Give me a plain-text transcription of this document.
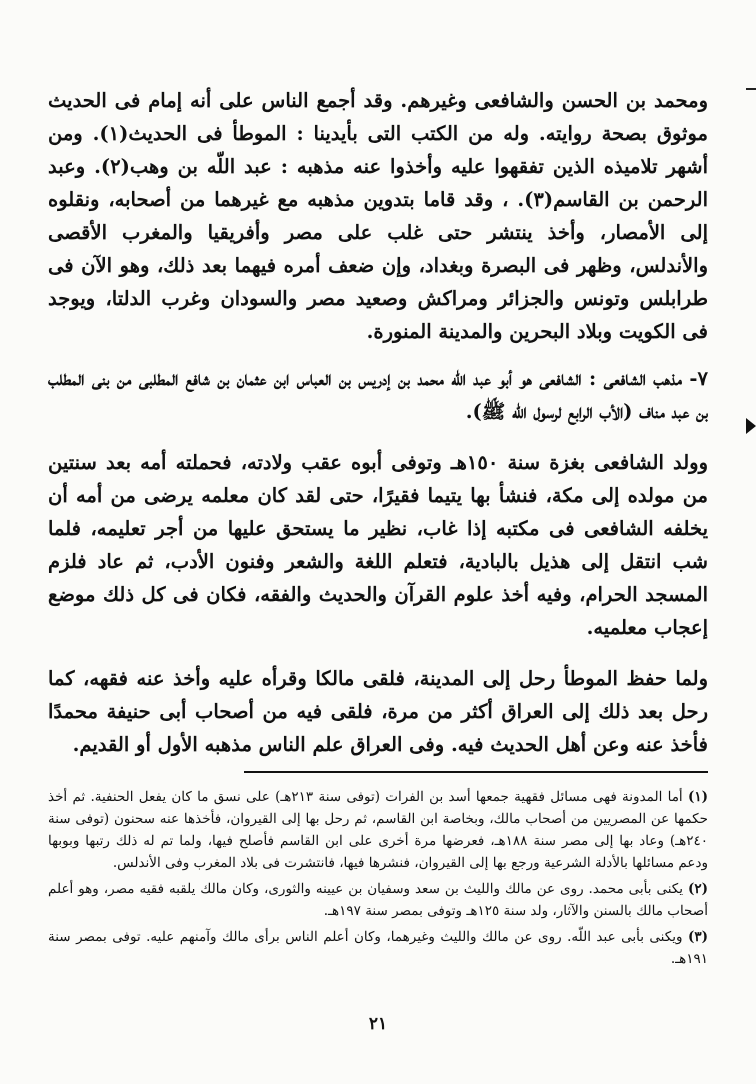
ومحمد بن الحسن والشافعى وغيرهم. وقد أجمع الناس على أنه إمام فى الحديث موثوق بصحة روايته. وله من الكتب التى بأيدينا : الموطأ فى الحديث(١). ومن أشهر تلاميذه الذين تفقهوا عليه وأخذوا عنه مذهبه : عبد اللّه بن وهب(٢). وعبد الرحمن بن القاسم(٣). ، وقد قاما بتدوين مذهبه مع غيرهما من أصحابه، ونقلوه إلى الأمصار، وأخذ ينتشر حتى غلب على مصر وأفريقيا والمغرب الأقصى والأندلس، وظهر فى البصرة وبغداد، وإن ضعف أمره فيهما بعد ذلك، وهو الآن فى طرابلس وتونس والجزائر ومراكش وصعيد مصر والسودان وغرب الدلتا، ويوجد فى الكويت وبلاد البحرين والمدينة المنورة.

٧- مذهب الشافعى : الشافعى هو أبو عبد اللّه محمد بن إدريس بن العباس ابن عثمان بن شافع المطلبى من بنى المطلب بن عبد مناف (الأب الرابع لرسول اللّه ﷺ).

وولد الشافعى بغزة سنة ١٥٠هـ وتوفى أبوه عقب ولادته، فحملته أمه بعد سنتين من مولده إلى مكة، فنشأ بها يتيما فقيرًا، حتى لقد كان معلمه يرضى من أمه أن يخلفه الشافعى فى مكتبه إذا غاب، نظير ما يستحق عليها من أجر تعليمه، فلما شب انتقل إلى هذيل بالبادية، فتعلم اللغة والشعر وفنون الأدب، ثم عاد فلزم المسجد الحرام، وفيه أخذ علوم القرآن والحديث والفقه، فكان فى كل ذلك موضع إعجاب معلميه.

ولما حفظ الموطأ رحل إلى المدينة، فلقى مالكا وقرأه عليه وأخذ عنه فقهه، كما رحل بعد ذلك إلى العراق أكثر من مرة، فلقى فيه من أصحاب أبى حنيفة محمدًا فأخذ عنه وعن أهل الحديث فيه. وفى العراق علم الناس مذهبه الأول أو القديم.

(١) أما المدونة فهى مسائل فقهية جمعها أسد بن الفرات (توفى سنة ٢١٣هـ) على نسق ما كان يفعل الحنفية. ثم أخذ حكمها عن المصريين من أصحاب مالك، وبخاصة ابن القاسم، ثم رحل بها إلى القيروان، فأخذها عنه سحنون (توفى سنة ٢٤٠هـ) وعاد بها إلى مصر سنة ١٨٨هـ، فعرضها مرة أخرى على ابن القاسم فأصلح فيها، ولما تم له ذلك رتبها وبوبها ودعم مسائلها بالأدلة الشرعية ورجع بها إلى القيروان، فنشرها فيها، فانتشرت فى بلاد المغرب وفى الأندلس.

(٢) يكنى بأبى محمد. روى عن مالك والليث بن سعد وسفيان بن عيينه والثورى، وكان مالك يلقبه فقيه مصر، وهو أعلم أصحاب مالك بالسنن والآثار، ولد سنة ١٢٥هـ وتوفى بمصر سنة ١٩٧هـ.

(٣) ويكنى بأبى عبد اللّه. روى عن مالك والليث وغيرهما، وكان أعلم الناس برأى مالك وآمنهم عليه. توفى بمصر سنة ١٩١هـ.

٢١
